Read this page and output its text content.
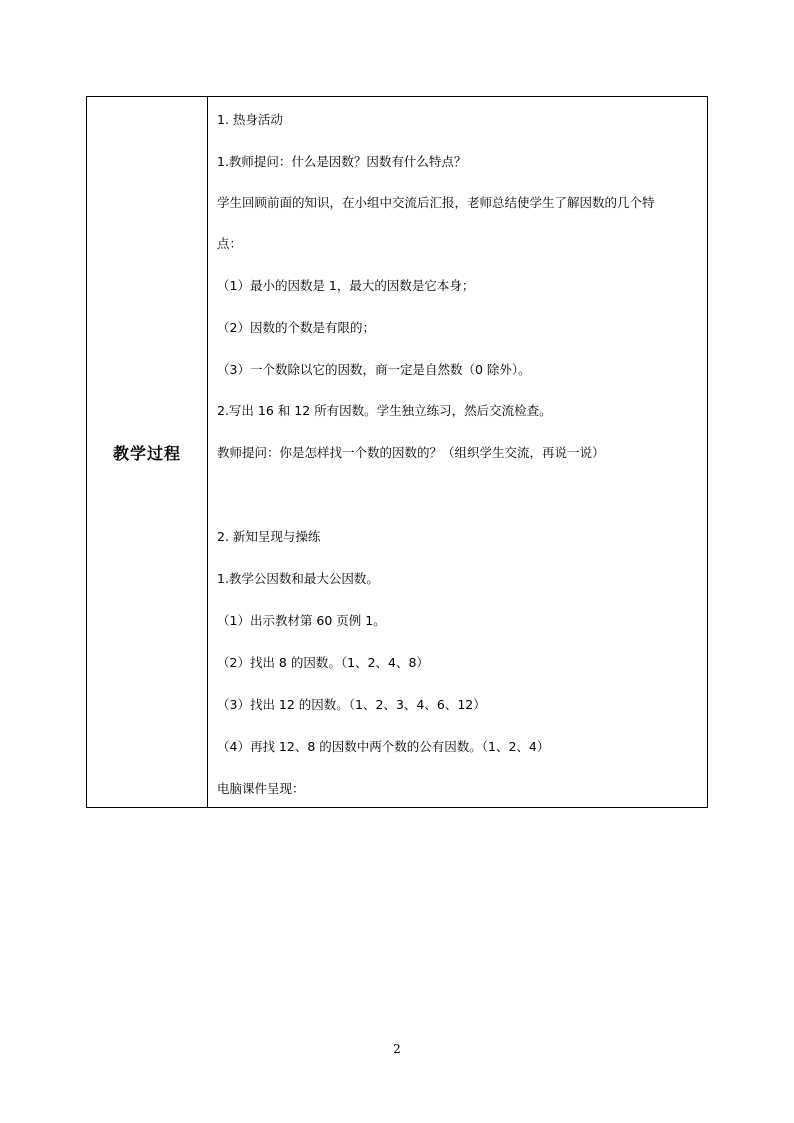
教学过程
1. 热身活动
1.教师提问：什么是因数？因数有什么特点？
学生回顾前面的知识，在小组中交流后汇报，老师总结使学生了解因数的几个特
点：
（1）最小的因数是 1，最大的因数是它本身；
（2）因数的个数是有限的；
（3）一个数除以它的因数，商一定是自然数（0 除外）。
2.写出 16 和 12 所有因数。学生独立练习，然后交流检查。
教师提问：你是怎样找一个数的因数的？（组织学生交流，再说一说）
2. 新知呈现与操练
1.教学公因数和最大公因数。
（1）出示教材第 60 页例 1。
（2）找出 8 的因数。（1、2、4、8）
（3）找出 12 的因数。（1、2、3、4、6、12）
（4）再找 12、8 的因数中两个数的公有因数。（1、2、4）
电脑课件呈现：
2
